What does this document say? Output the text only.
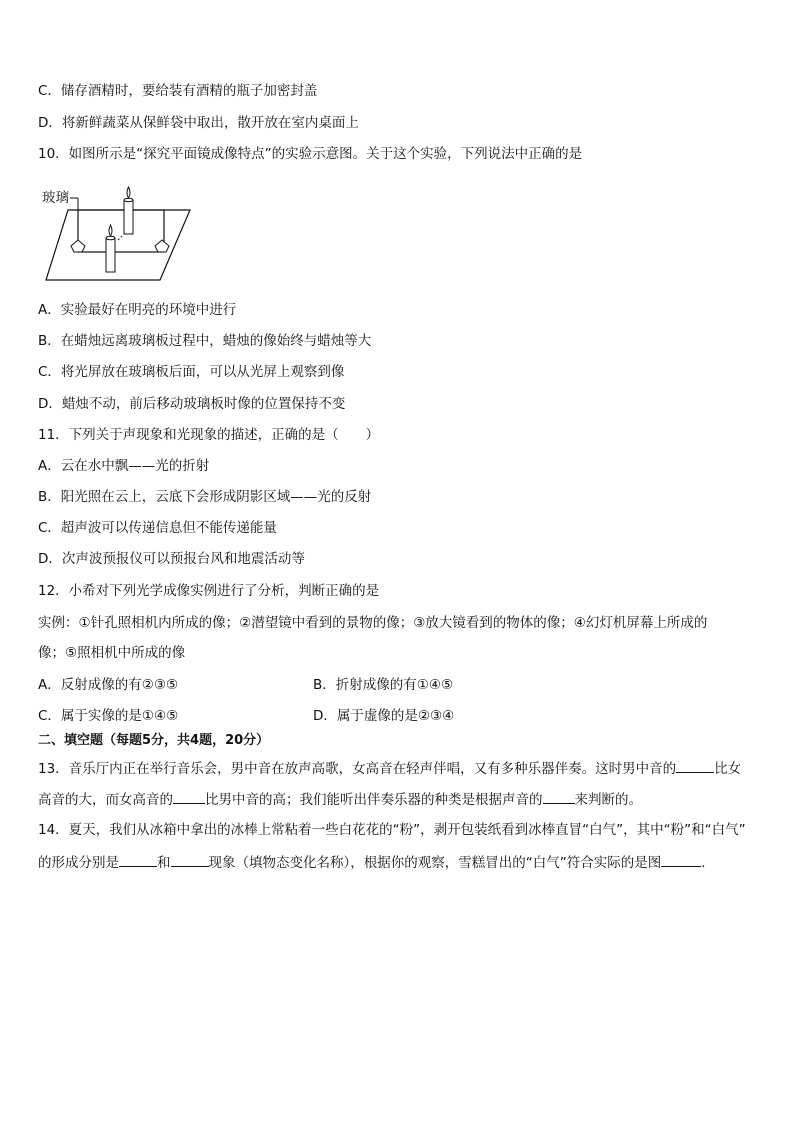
C．储存酒精时，要给装有酒精的瓶子加密封盖
D．将新鲜蔬菜从保鲜袋中取出，散开放在室内桌面上
10．如图所示是“探究平面镜成像特点”的实验示意图。关于这个实验，下列说法中正确的是
玻璃
A．实验最好在明亮的环境中进行
B．在蜡烛远离玻璃板过程中，蜡烛的像始终与蜡烛等大
C．将光屏放在玻璃板后面，可以从光屏上观察到像
D．蜡烛不动，前后移动玻璃板时像的位置保持不变
11．下列关于声现象和光现象的描述，正确的是（　　）
A．云在水中飘——光的折射
B．阳光照在云上，云底下会形成阴影区域——光的反射
C．超声波可以传递信息但不能传递能量
D．次声波预报仪可以预报台风和地震活动等
12．小希对下列光学成像实例进行了分析，判断正确的是
实例：①针孔照相机内所成的像；②潜望镜中看到的景物的像；③放大镜看到的物体的像；④幻灯机屏幕上所成的
像；⑤照相机中所成的像
A．反射成像的有②③⑤	B．折射成像的有①④⑤
C．属于实像的是①④⑤	D．属于虚像的是②③④
二、填空题（每题5分，共4题，20分）
13．音乐厅内正在举行音乐会，男中音在放声高歌，女高音在轻声伴唱，又有多种乐器伴奏。这时男中音的	比女
高音的大，而女高音的 比男中音的高；我们能听出伴奏乐器的种类是根据声音的 来判断的。
14．夏天，我们从冰箱中拿出的冰棒上常粘着一些白花花的“粉”，剥开包装纸看到冰棒直冒“白气”，其中“粉”和“白气”
的形成分别是	和	现象（填物态变化名称），根据你的观察，雪糕冒出的“白气”符合实际的是图	．
